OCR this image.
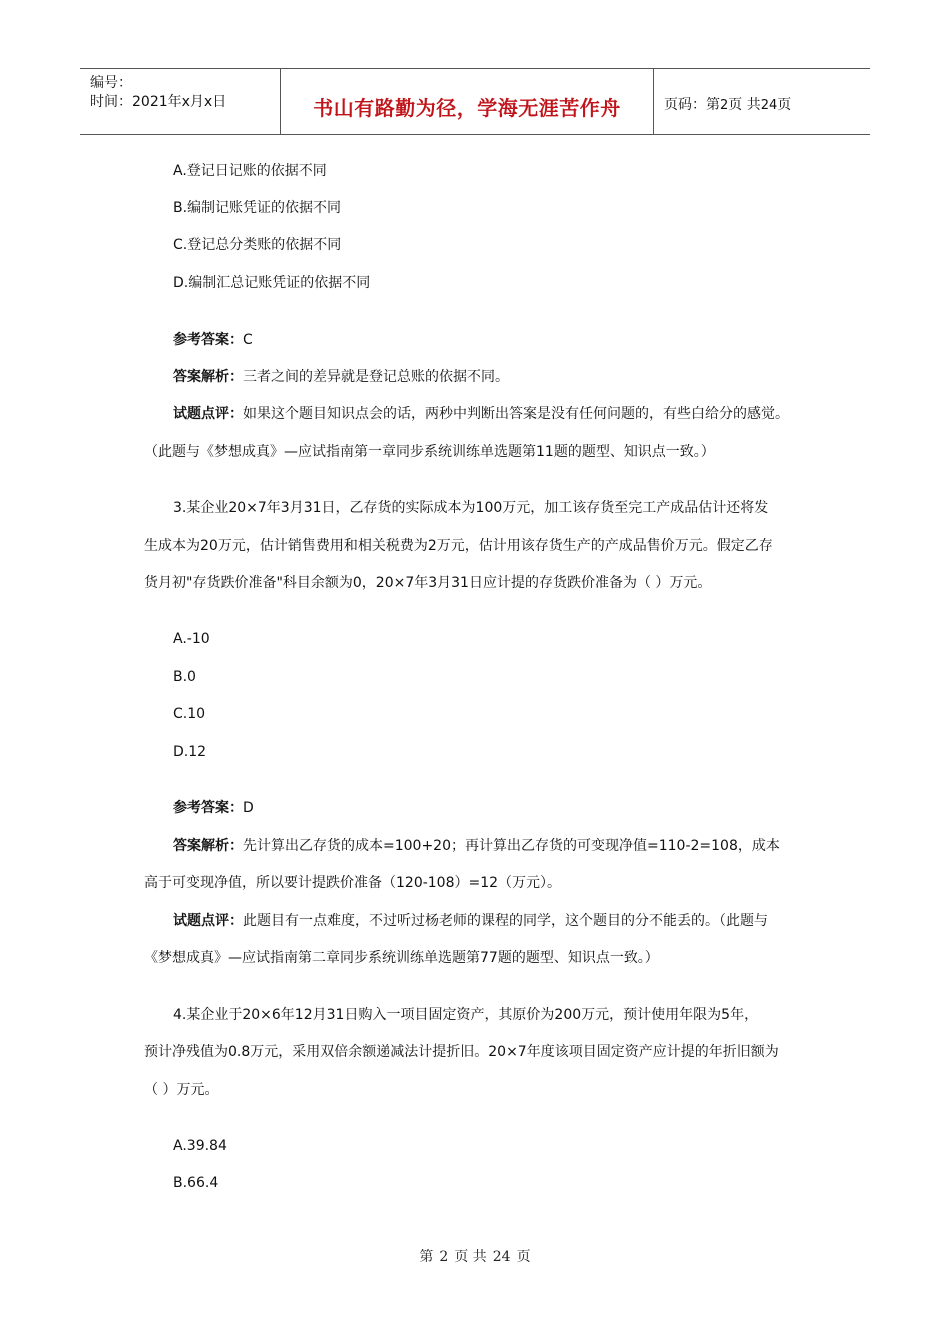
编号：
时间：2021年x月x日	书山有路勤为径，学海无涯苦作舟	页码：第2页 共24页
A.登记日记账的依据不同
B.编制记账凭证的依据不同
C.登记总分类账的依据不同
D.编制汇总记账凭证的依据不同
参考答案：C
答案解析：三者之间的差异就是登记总账的依据不同。
试题点评：如果这个题目知识点会的话，两秒中判断出答案是没有任何问题的，有些白给分的感觉。
（此题与《梦想成真》—应试指南第一章同步系统训练单选题第11题的题型、知识点一致。）
3.某企业20×7年3月31日，乙存货的实际成本为100万元，加工该存货至完工产成品估计还将发
生成本为20万元，估计销售费用和相关税费为2万元，估计用该存货生产的产成品售价万元。假定乙存
货月初"存货跌价准备"科目余额为0，20×7年3月31日应计提的存货跌价准备为（ ）万元。
A.-10
B.0
C.10
D.12
参考答案：D
答案解析：先计算出乙存货的成本=100+20；再计算出乙存货的可变现净值=110-2=108，成本
高于可变现净值，所以要计提跌价准备（120-108）=12（万元）。
试题点评：此题目有一点难度，不过听过杨老师的课程的同学，这个题目的分不能丢的。（此题与
《梦想成真》—应试指南第二章同步系统训练单选题第77题的题型、知识点一致。）
4.某企业于20×6年12月31日购入一项目固定资产，其原价为200万元，预计使用年限为5年，
预计净残值为0.8万元，采用双倍余额递减法计提折旧。20×7年度该项目固定资产应计提的年折旧额为
（ ）万元。
A.39.84
B.66.4
第 2 页 共 24 页
